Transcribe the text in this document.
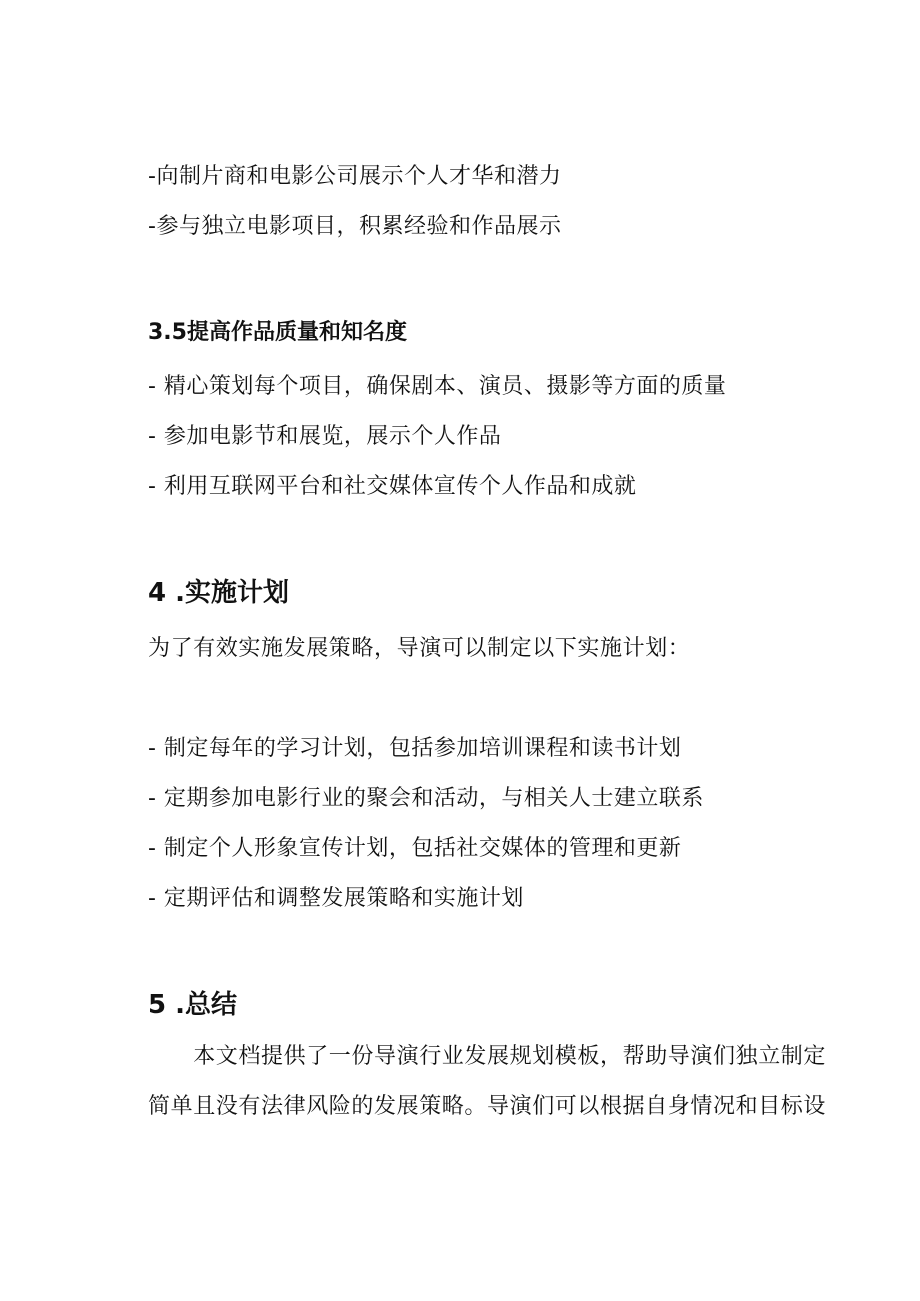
-向制片商和电影公司展示个人才华和潜力
-参与独立电影项目，积累经验和作品展示
3.5提高作品质量和知名度
- 精心策划每个项目，确保剧本、演员、摄影等方面的质量
- 参加电影节和展览，展示个人作品
- 利用互联网平台和社交媒体宣传个人作品和成就
4 .实施计划
为了有效实施发展策略，导演可以制定以下实施计划：
- 制定每年的学习计划，包括参加培训课程和读书计划
- 定期参加电影行业的聚会和活动，与相关人士建立联系
- 制定个人形象宣传计划，包括社交媒体的管理和更新
- 定期评估和调整发展策略和实施计划
5 .总结
　　本文档提供了一份导演行业发展规划模板，帮助导演们独立制定
简单且没有法律风险的发展策略。导演们可以根据自身情况和目标设
